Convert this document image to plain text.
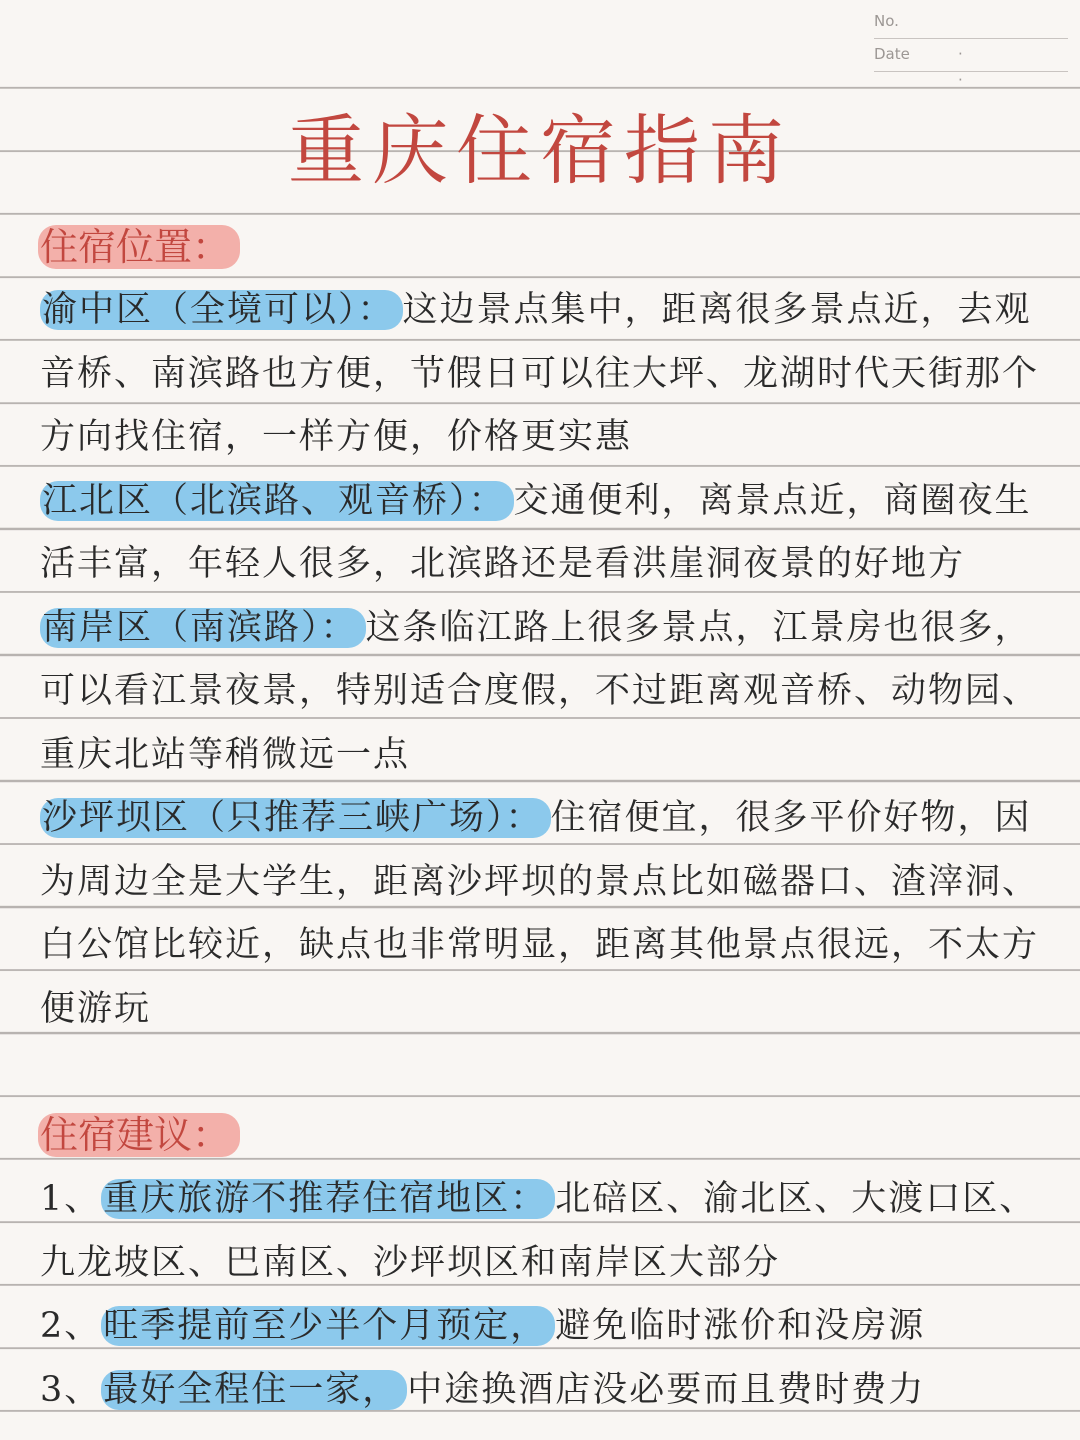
No.
Date	· ·
重庆住宿指南
住宿位置：

渝中区（全境可以）： 这边景点集中，距离很多景点近，去观音桥、南滨路也方便，节假日可以往大坪、龙湖时代天街那个方向找住宿，一样方便，价格更实惠

江北区（北滨路、观音桥）： 交通便利，离景点近，商圈夜生活丰富，年轻人很多，北滨路还是看洪崖洞夜景的好地方

南岸区（南滨路）： 这条临江路上很多景点，江景房也很多，可以看江景夜景，特别适合度假，不过距离观音桥、动物园、重庆北站等稍微远一点

沙坪坝区（只推荐三峡广场）： 住宿便宜，很多平价好物，因为周边全是大学生，距离沙坪坝的景点比如磁器口、渣滓洞、白公馆比较近，缺点也非常明显，距离其他景点很远，不太方便游玩

住宿建议：

1、重庆旅游不推荐住宿地区： 北碚区、渝北区、大渡口区、九龙坡区、巴南区、沙坪坝区和南岸区大部分

2、旺季提前至少半个月预定， 避免临时涨价和没房源

3、最好全程住一家， 中途换酒店没必要而且费时费力
